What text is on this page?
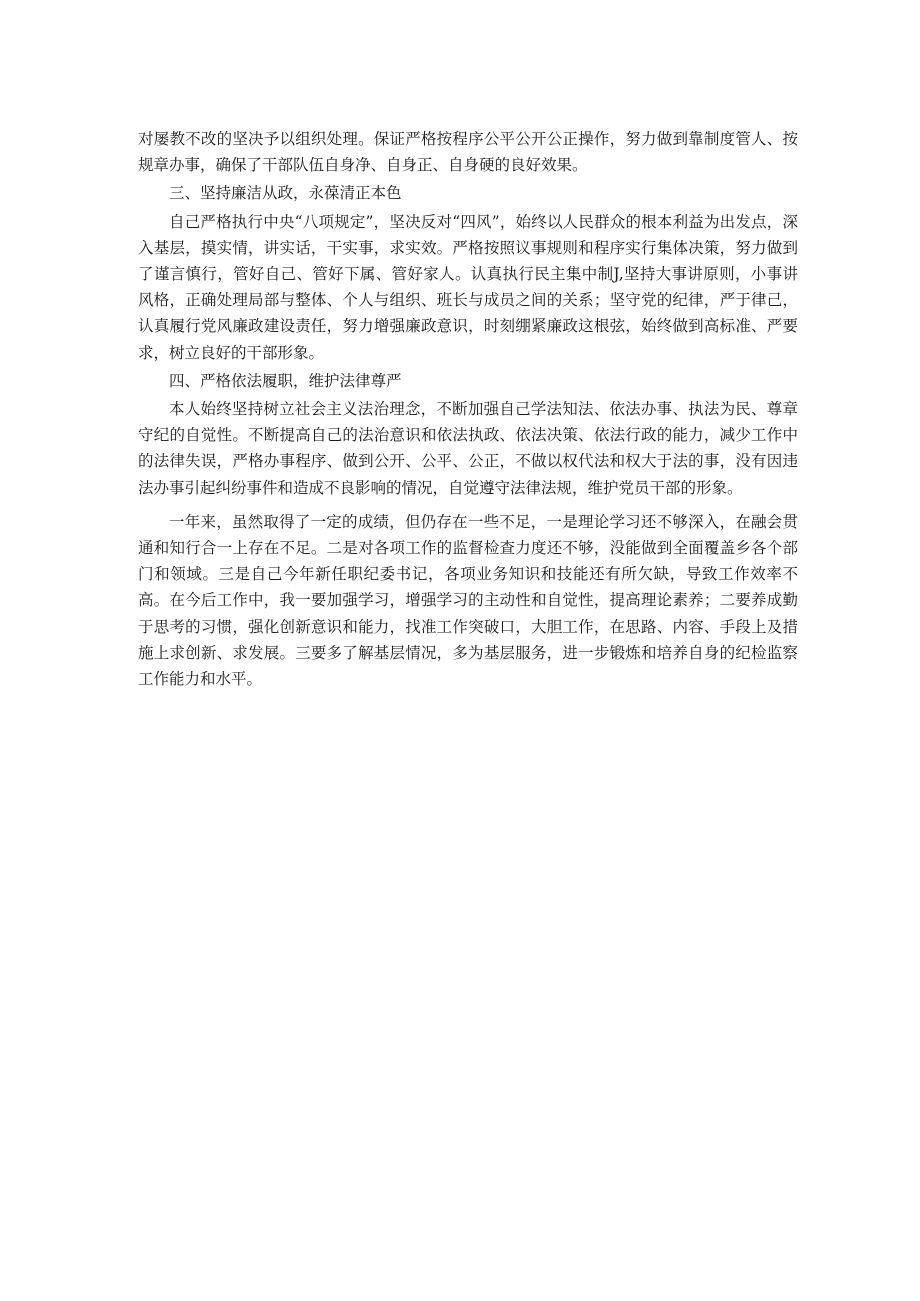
对屡教不改的坚决予以组织处理。保证严格按程序公平公开公正操作，努力做到靠制度管人、按规章办事，确保了干部队伍自身净、自身正、自身硬的良好效果。

三、坚持廉洁从政，永葆清正本色

自己严格执行中央“八项规定”，坚决反对“四风”，始终以人民群众的根本利益为出发点，深入基层，摸实情，讲实话，干实事，求实效。严格按照议事规则和程序实行集体决策，努力做到了谨言慎行，管好自己、管好下属、管好家人。认真执行民主集中制J,坚持大事讲原则，小事讲风格，正确处理局部与整体、个人与组织、班长与成员之间的关系；坚守党的纪律，严于律己，认真履行党风廉政建设责任，努力增强廉政意识，时刻绷紧廉政这根弦，始终做到高标准、严要求，树立良好的干部形象。

四、严格依法履职，维护法律尊严

本人始终坚持树立社会主义法治理念，不断加强自己学法知法、依法办事、执法为民、尊章守纪的自觉性。不断提高自己的法治意识和依法执政、依法决策、依法行政的能力，减少工作中的法律失误，严格办事程序、做到公开、公平、公正，不做以权代法和权大于法的事，没有因违法办事引起纠纷事件和造成不良影响的情况，自觉遵守法律法规，维护党员干部的形象。

一年来，虽然取得了一定的成绩，但仍存在一些不足，一是理论学习还不够深入，在融会贯通和知行合一上存在不足。二是对各项工作的监督检查力度还不够，没能做到全面覆盖乡各个部门和领域。三是自己今年新任职纪委书记，各项业务知识和技能还有所欠缺，导致工作效率不高。在今后工作中，我一要加强学习，增强学习的主动性和自觉性，提高理论素养；二要养成勤于思考的习惯，强化创新意识和能力，找准工作突破口，大胆工作，在思路、内容、手段上及措施上求创新、求发展。三要多了解基层情况，多为基层服务，进一步锻炼和培养自身的纪检监察工作能力和水平。
